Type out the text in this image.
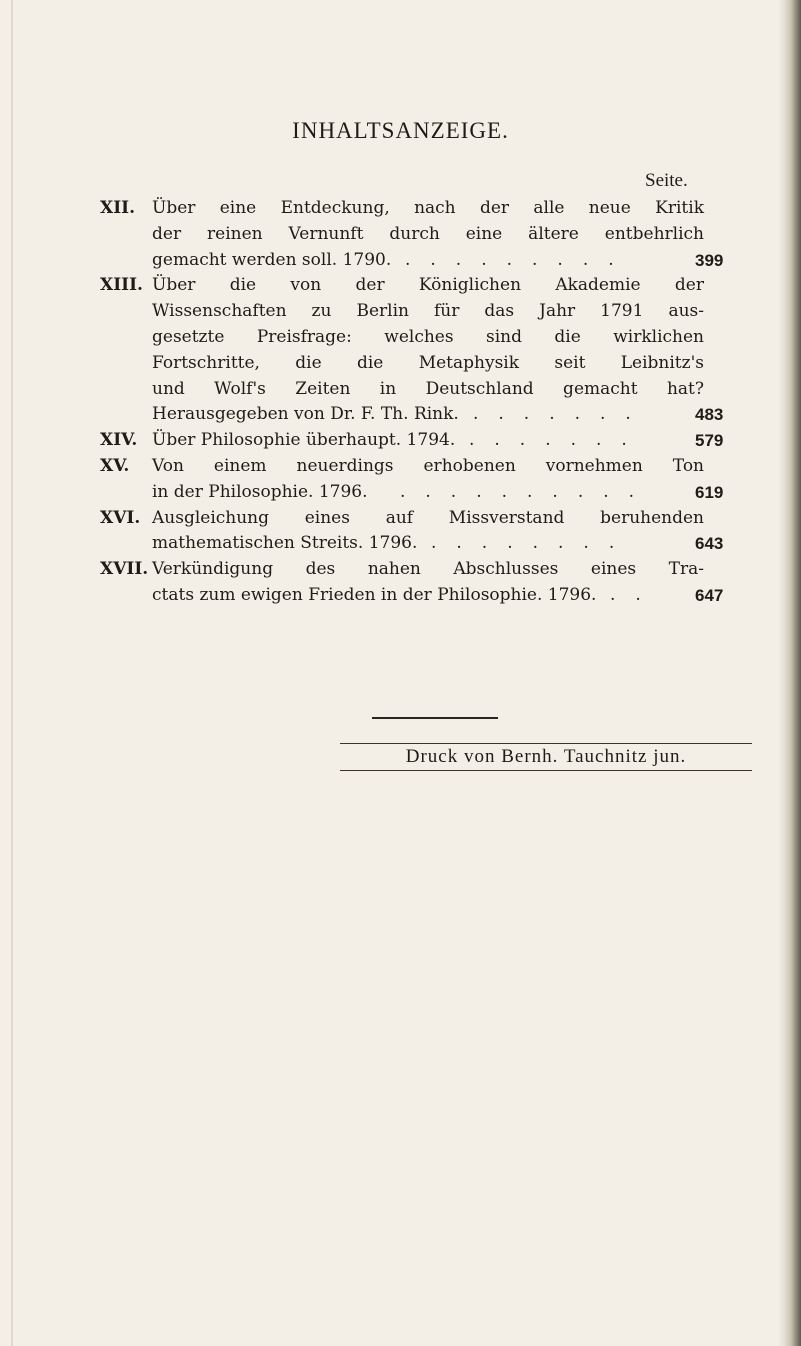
INHALTSANZEIGE.
Seite.
XII. Über eine Entdeckung, nach der alle neue Kritik
der reinen Vernunft durch eine ältere entbehrlich
gemacht werden soll. 1790.	399
.........
XIII. Über die von der Königlichen Akademie der
Wissenschaften zu Berlin für das Jahr 1791 aus-
gesetzte Preisfrage: welches sind die wirklichen
Fortschritte, die die Metaphysik seit Leibnitz's
und Wolf's Zeiten in Deutschland gemacht hat?
Herausgegeben von Dr. F. Th. Rink.	483
.......
XIV. Über Philosophie überhaupt. 1794.	579
.......
XV. Von einem neuerdings erhobenen vornehmen Ton
in der Philosophie. 1796.	619
..........
XVI. Ausgleichung eines auf Missverstand beruhenden
mathematischen Streits. 1796.	643
........
XVII. Verkündigung des nahen Abschlusses eines Tra-
ctats zum ewigen Frieden in der Philosophie. 1796.	647
..
Druck von Bernh. Tauchnitz jun.
